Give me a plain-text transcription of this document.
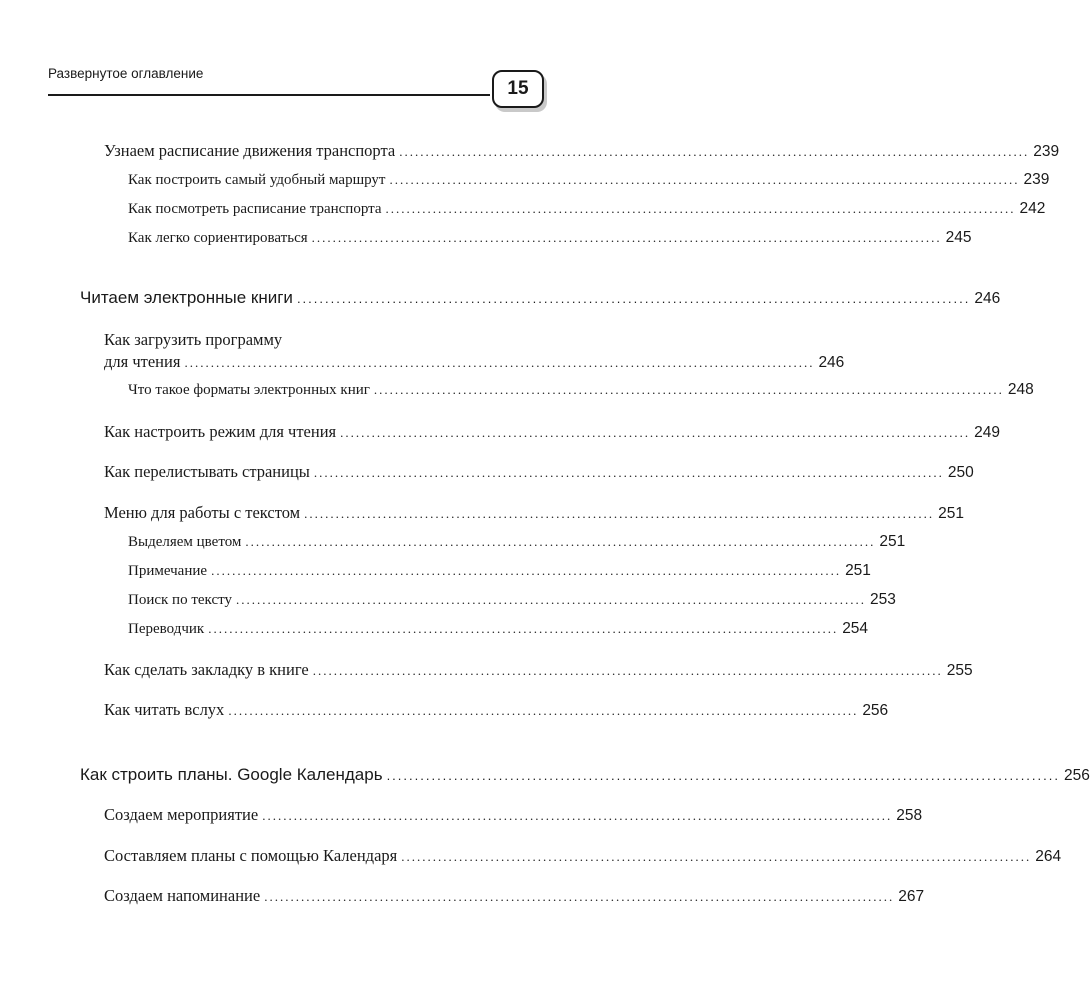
Развернутое оглавление
15
Узнаем расписание движения транспорта ........................................................................................................................ 239
Как построить самый удобный маршрут ........................................................................................................................ 239
Как посмотреть расписание транспорта ........................................................................................................................ 242
Как легко сориентироваться ........................................................................................................................ 245
Читаем электронные книги ........................................................................................................................ 246
Как загрузить программу
для чтения ........................................................................................................................ 246
Что такое форматы электронных книг ........................................................................................................................ 248
Как настроить режим для чтения ........................................................................................................................ 249
Как перелистывать страницы ........................................................................................................................ 250
Меню для работы с текстом ........................................................................................................................ 251
Выделяем цветом ........................................................................................................................ 251
Примечание ........................................................................................................................ 251
Поиск по тексту ........................................................................................................................ 253
Переводчик ........................................................................................................................ 254
Как сделать закладку в книге ........................................................................................................................ 255
Как читать вслух ........................................................................................................................ 256
Как строить планы. Google Календарь ........................................................................................................................ 256
Создаем мероприятие ........................................................................................................................ 258
Составляем планы с помощью Календаря ........................................................................................................................ 264
Создаем напоминание ........................................................................................................................ 267
